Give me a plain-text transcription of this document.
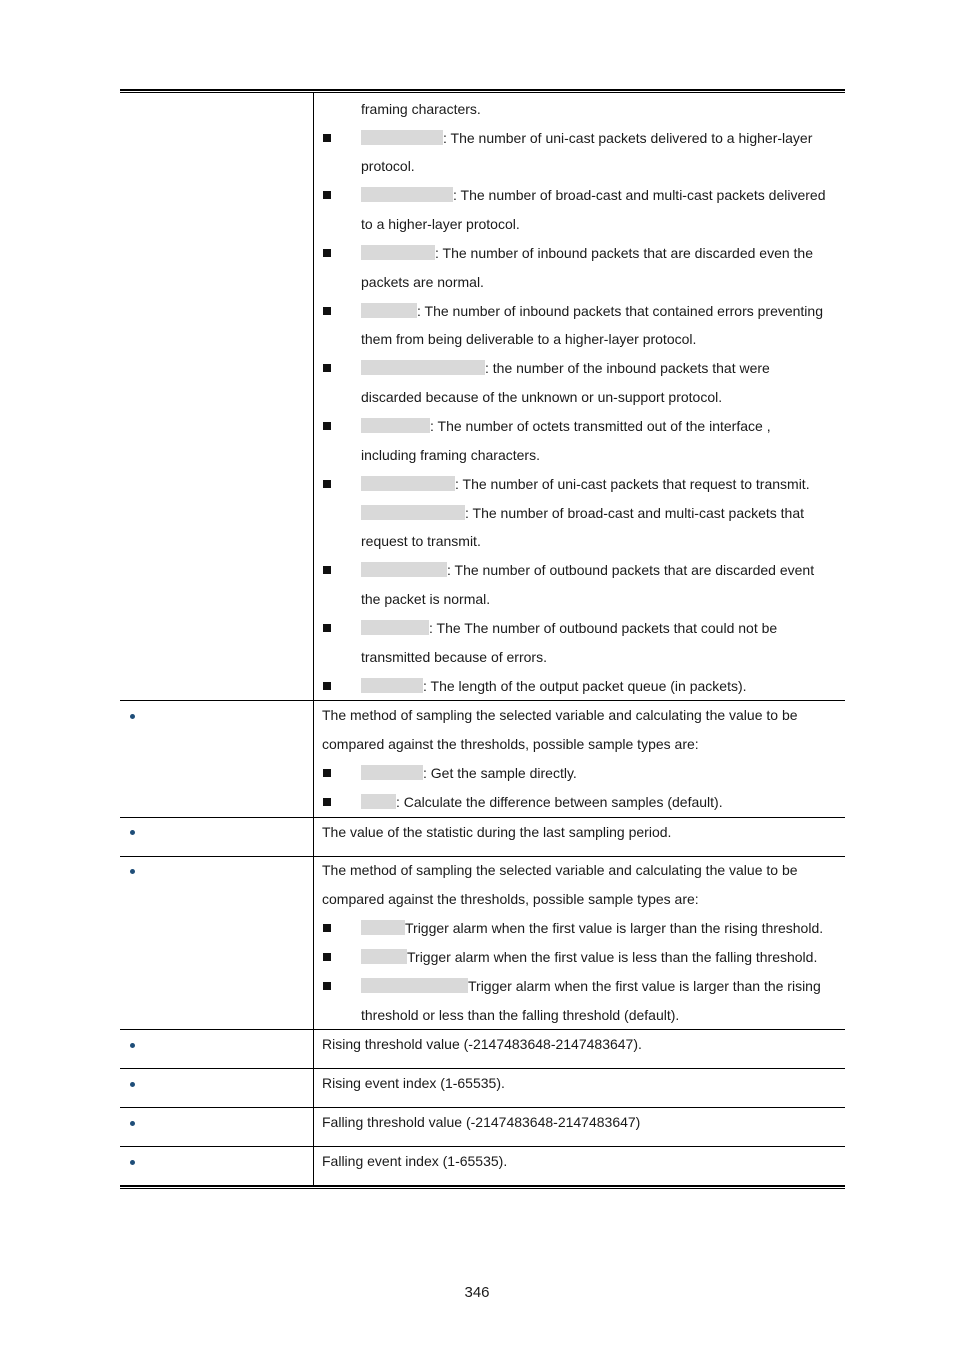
framing characters.
: The number of uni-cast packets delivered to a higher-layer
protocol.
: The number of broad-cast and multi-cast packets delivered
to a higher-layer protocol.
: The number of inbound packets that are discarded even the
packets are normal.
: The number of inbound packets that contained errors preventing
them from being deliverable to a higher-layer protocol.
: the number of the inbound packets that were
discarded because of the unknown or un-support protocol.
: The number of octets transmitted out of the interface ,
including framing characters.
: The number of uni-cast packets that request to transmit.
: The number of broad-cast and multi-cast packets that
request to transmit.
: The number of outbound packets that are discarded event
the packet is normal.
: The The number of outbound packets that could not be
transmitted because of errors.
: The length of the output packet queue (in packets).
The method of sampling the selected variable and calculating the value to be
compared against the thresholds, possible sample types are:
: Get the sample directly.
: Calculate the difference between samples (default).
The value of the statistic during the last sampling period.
The method of sampling the selected variable and calculating the value to be
compared against the thresholds, possible sample types are:
Trigger alarm when the first value is larger than the rising threshold.
Trigger alarm when the first value is less than the falling threshold.
Trigger alarm when the first value is larger than the rising
threshold or less than the falling threshold (default).
Rising threshold value (-2147483648-2147483647).
Rising event index (1-65535).
Falling threshold value (-2147483648-2147483647)
Falling event index (1-65535).
346
